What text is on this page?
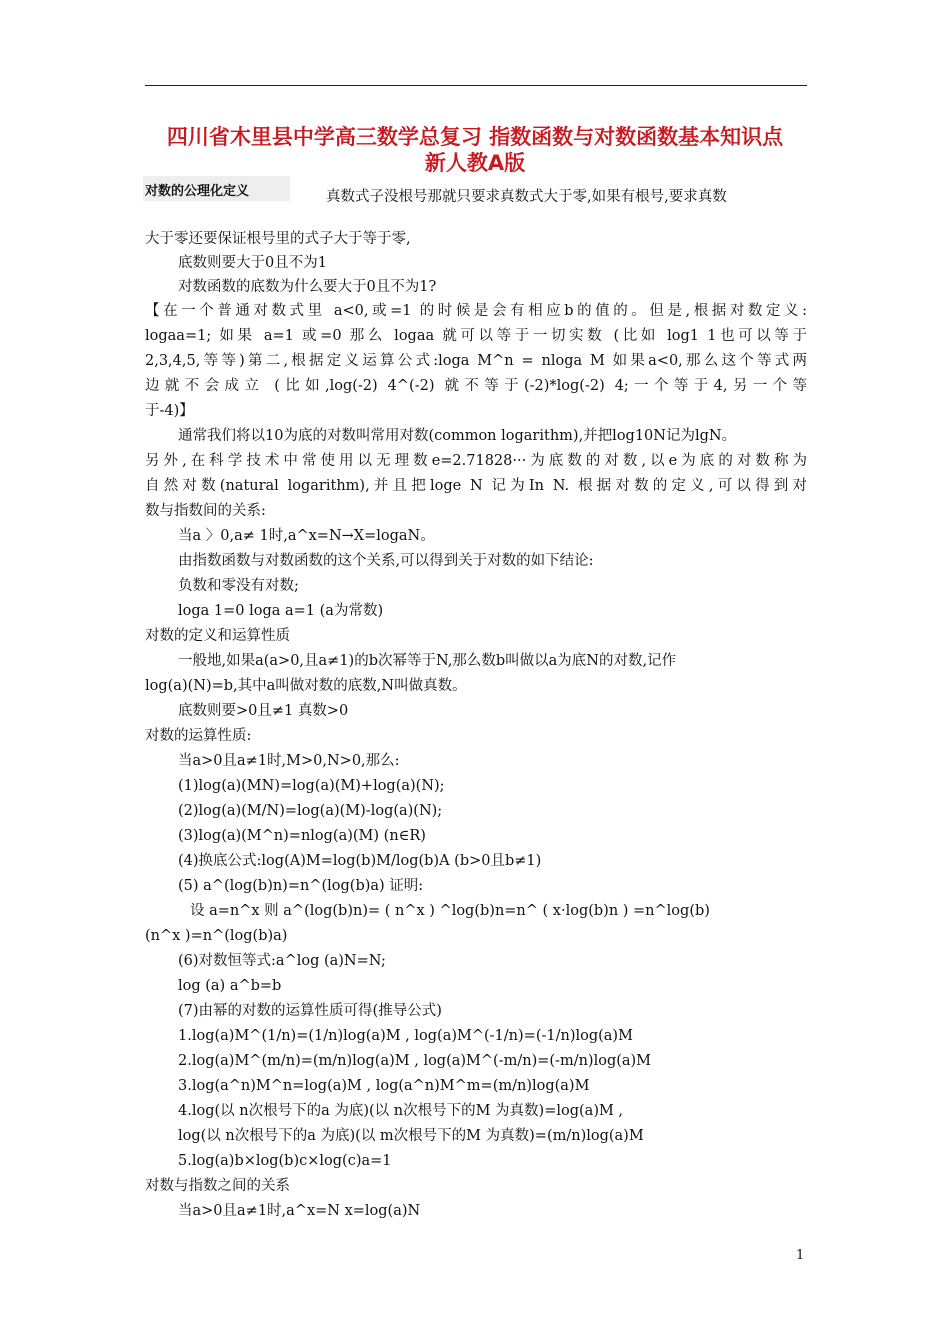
四川省木里县中学高三数学总复习 指数函数与对数函数基本知识点
新人教A版
对数的公理化定义	真数式子没根号那就只要求真数式大于零,如果有根号,要求真数
大于零还要保证根号里的式子大于等于零,
底数则要大于0且不为1
对数函数的底数为什么要大于0且不为1?
【在一个普通对数式里 a<0,或=1 的时候是会有相应b的值的。但是,根据对数定义:
logaa=1; 如果 a=1 或=0 那么 logaa 就可以等于一切实数 (比如 log1 1也可以等于
2,3,4,5,等等)第二,根据定义运算公式:loga M^n = nloga M 如果a<0,那么这个等式两
边就不会成立 (比如,log(-2) 4^(-2) 就不等于(-2)*log(-2) 4;一个等于4,另一个等
于-4)】
通常我们将以10为底的对数叫常用对数(common logarithm),并把log10N记为lgN。
另外,在科学技术中常使用以无理数e=2.71828···为底数的对数,以e为底的对数称为
自然对数(natural logarithm),并且把loge N 记为In N. 根据对数的定义,可以得到对
数与指数间的关系:
当a 〉0,a≠ 1时,a^x=N→X=logaN。
由指数函数与对数函数的这个关系,可以得到关于对数的如下结论:
负数和零没有对数;
loga 1=0 loga a=1 (a为常数)
对数的定义和运算性质
一般地,如果a(a>0,且a≠1)的b次幂等于N,那么数b叫做以a为底N的对数,记作
log(a)(N)=b,其中a叫做对数的底数,N叫做真数。
底数则要>0且≠1 真数>0
对数的运算性质:
当a>0且a≠1时,M>0,N>0,那么:
(1)log(a)(MN)=log(a)(M)+log(a)(N);
(2)log(a)(M/N)=log(a)(M)-log(a)(N);
(3)log(a)(M^n)=nlog(a)(M) (n∈R)
(4)换底公式:log(A)M=log(b)M/log(b)A (b>0且b≠1)
(5) a^(log(b)n)=n^(log(b)a) 证明:
设 a=n^x 则 a^(log(b)n)= ( n^x ) ^log(b)n=n^ ( x·log(b)n ) =n^log(b)
(n^x )=n^(log(b)a)
(6)对数恒等式:a^log (a)N=N;
log (a) a^b=b
(7)由幂的对数的运算性质可得(推导公式)
1.log(a)M^(1/n)=(1/n)log(a)M , log(a)M^(-1/n)=(-1/n)log(a)M
2.log(a)M^(m/n)=(m/n)log(a)M , log(a)M^(-m/n)=(-m/n)log(a)M
3.log(a^n)M^n=log(a)M , log(a^n)M^m=(m/n)log(a)M
4.log(以 n次根号下的a 为底)(以 n次根号下的M 为真数)=log(a)M ,
log(以 n次根号下的a 为底)(以 m次根号下的M 为真数)=(m/n)log(a)M
5.log(a)b×log(b)c×log(c)a=1
对数与指数之间的关系
当a>0且a≠1时,a^x=N x=log(a)N
1
